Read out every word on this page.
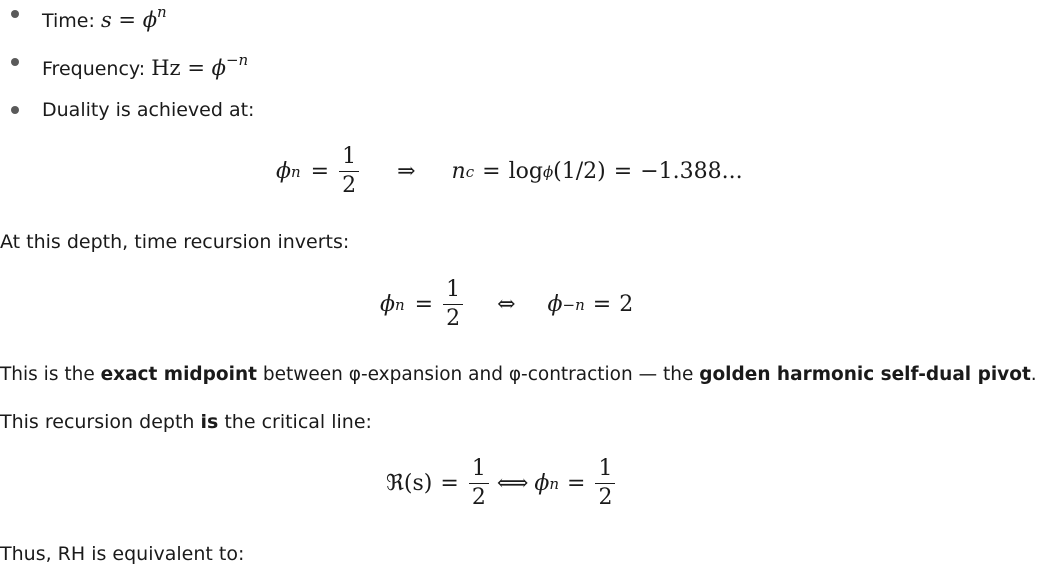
Time: $s = \phi^n$
Frequency: $Hz = \phi^{-n}$
Duality is achieved at:
ϕ $n = \frac{1}{2}$ ⇒ n c = log ϕ (1/2) = −1.388...
At this depth, time recursion inverts:
ϕ $n = \frac{1}{2}$ ⇔ ϕ −n = 2
This is the exact midpoint between φ-expansion and φ-contraction — the golden harmonic self-dual pivot.
This recursion depth is the critical line:
ℜ $(s) = \frac{1}{2}$ ⟺ ϕ $n = \frac{1}{2}$
Thus, RH is equivalent to:
